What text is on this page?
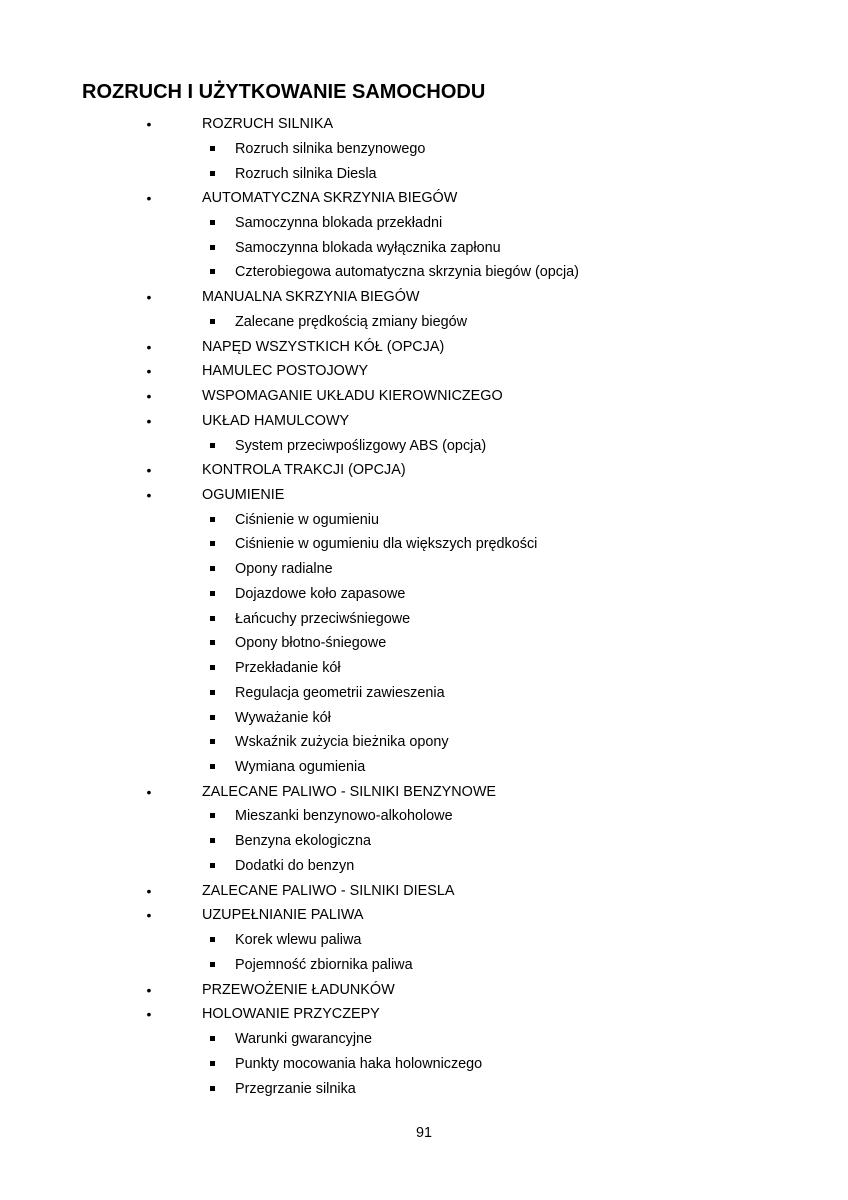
ROZRUCH I UŻYTKOWANIE SAMOCHODU
•	ROZRUCH SILNIKA
Rozruch silnika benzynowego
Rozruch silnika Diesla
•	AUTOMATYCZNA SKRZYNIA BIEGÓW
Samoczynna blokada przekładni
Samoczynna blokada wyłącznika zapłonu
Czterobiegowa automatyczna skrzynia biegów (opcja)
•	MANUALNA SKRZYNIA BIEGÓW
Zalecane prędkością zmiany biegów
•	NAPĘD WSZYSTKICH KÓŁ (OPCJA)
•	HAMULEC POSTOJOWY
•	WSPOMAGANIE UKŁADU KIEROWNICZEGO
•	UKŁAD HAMULCOWY
System przeciwpoślizgowy ABS (opcja)
•	KONTROLA TRAKCJI (OPCJA)
•	OGUMIENIE
Ciśnienie w ogumieniu
Ciśnienie w ogumieniu dla większych prędkości
Opony radialne
Dojazdowe koło zapasowe
Łańcuchy przeciwśniegowe
Opony błotno-śniegowe
Przekładanie kół
Regulacja geometrii zawieszenia
Wyważanie kół
Wskaźnik zużycia bieżnika opony
Wymiana ogumienia
•	ZALECANE PALIWO - SILNIKI BENZYNOWE
Mieszanki benzynowo-alkoholowe
Benzyna ekologiczna
Dodatki do benzyn
•	ZALECANE PALIWO - SILNIKI DIESLA
•	UZUPEŁNIANIE PALIWA
Korek wlewu paliwa
Pojemność zbiornika paliwa
•	PRZEWOŻENIE ŁADUNKÓW
•	HOLOWANIE PRZYCZEPY
Warunki gwarancyjne
Punkty mocowania haka holowniczego
Przegrzanie silnika
91
